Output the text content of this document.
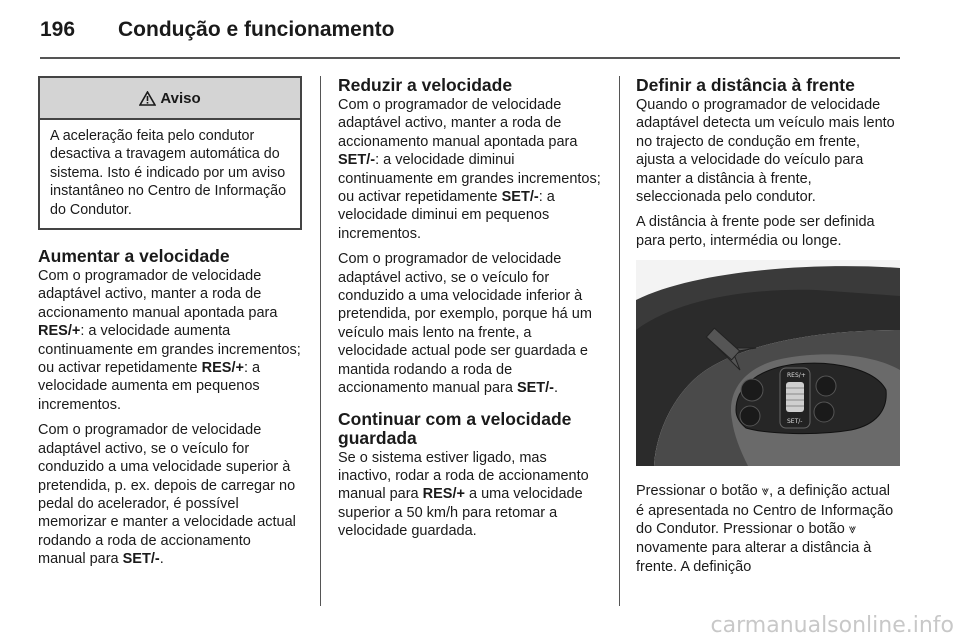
196 Condução e funcionamento
Aviso
A aceleração feita pelo condutor desactiva a travagem automática do sistema. Isto é indicado por um aviso instantâneo no Centro de Informação do Condutor.
Aumentar a velocidade

Com o programador de velocidade adaptável activo, manter a roda de accionamento manual apontada para RES/+: a velocidade aumenta continuamente em grandes incrementos; ou activar repetidamente RES/+: a velocidade aumenta em pequenos incrementos.

Com o programador de velocidade adaptável activo, se o veículo for conduzido a uma velocidade superior à pretendida, p. ex. depois de carregar no pedal do acelerador, é possível memorizar e manter a velocidade actual rodando a roda de accionamento manual para SET/-.

Reduzir a velocidade

Com o programador de velocidade adaptável activo, manter a roda de accionamento manual apontada para SET/-: a velocidade diminui continuamente em grandes incrementos; ou activar repetidamente SET/-: a velocidade diminui em pequenos incrementos.

Com o programador de velocidade adaptável activo, se o veículo for conduzido a uma velocidade inferior à pretendida, por exemplo, porque há um veículo mais lento na frente, a velocidade actual pode ser guardada e mantida rodando a roda de accionamento manual para SET/-.

Continuar com a velocidade guardada

Se o sistema estiver ligado, mas inactivo, rodar a roda de accionamento manual para RES/+ a uma velocidade superior a 50 km/h para retomar a velocidade guardada.

Definir a distância à frente

Quando o programador de velocidade adaptável detecta um veículo mais lento no trajecto de condução em frente, ajusta a velocidade do veículo para manter a distância à frente, seleccionada pelo condutor.

A distância à frente pode ser definida para perto, intermédia ou longe.

RES/+
SET/-

Pressionar o botão ⩔, a definição actual é apresentada no Centro de Informação do Condutor. Pressionar o botão ⩔ novamente para alterar a distância à frente. A definição

carmanualsonline.info
